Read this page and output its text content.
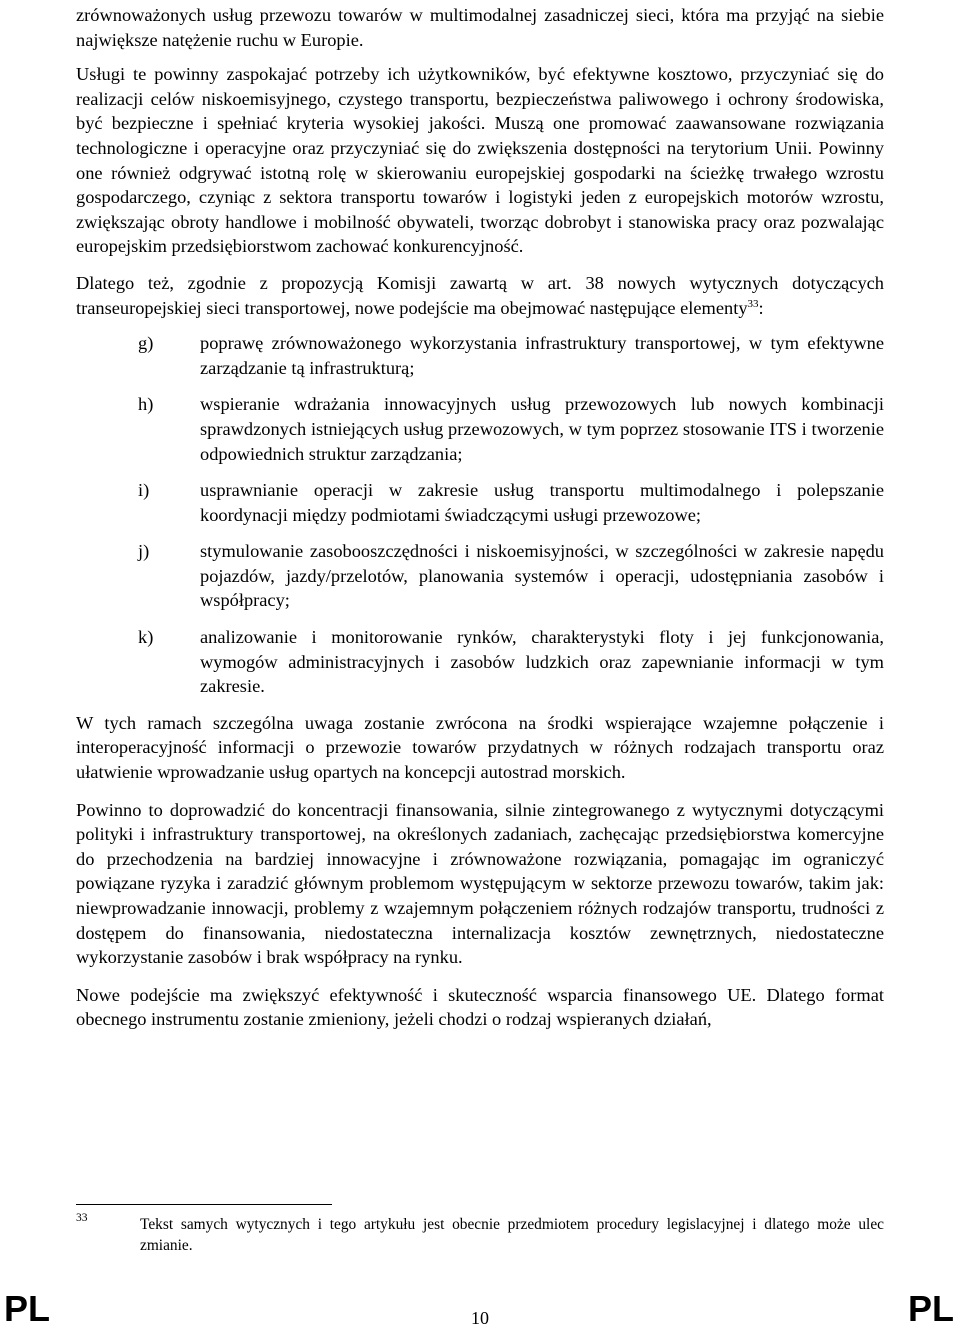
zrównoważonych usług przewozu towarów w multimodalnej zasadniczej sieci, która ma przyjąć na siebie największe natężenie ruchu w Europie.

Usługi te powinny zaspokajać potrzeby ich użytkowników, być efektywne kosztowo, przyczyniać się do realizacji celów niskoemisyjnego, czystego transportu, bezpieczeństwa paliwowego i ochrony środowiska, być bezpieczne i spełniać kryteria wysokiej jakości. Muszą one promować zaawansowane rozwiązania technologiczne i operacyjne oraz przyczyniać się do zwiększenia dostępności na terytorium Unii. Powinny one również odgrywać istotną rolę w skierowaniu europejskiej gospodarki na ścieżkę trwałego wzrostu gospodarczego, czyniąc z sektora transportu towarów i logistyki jeden z europejskich motorów wzrostu, zwiększając obroty handlowe i mobilność obywateli, tworząc dobrobyt i stanowiska pracy oraz pozwalając europejskim przedsiębiorstwom zachować konkurencyjność.

Dlatego też, zgodnie z propozycją Komisji zawartą w art. 38 nowych wytycznych dotyczących transeuropejskiej sieci transportowej, nowe podejście ma obejmować następujące elementy$^{33}$:

g)	poprawę zrównoważonego wykorzystania infrastruktury transportowej, w tym efektywne zarządzanie tą infrastrukturą;
h)	wspieranie wdrażania innowacyjnych usług przewozowych lub nowych kombinacji sprawdzonych istniejących usług przewozowych, w tym poprzez stosowanie ITS i tworzenie odpowiednich struktur zarządzania;
i)	usprawnianie operacji w zakresie usług transportu multimodalnego i polepszanie koordynacji między podmiotami świadczącymi usługi przewozowe;
j)	stymulowanie zasobooszczędności i niskoemisyjności, w szczególności w zakresie napędu pojazdów, jazdy/przelotów, planowania systemów i operacji, udostępniania zasobów i współpracy;
k)	analizowanie i monitorowanie rynków, charakterystyki floty i jej funkcjonowania, wymogów administracyjnych i zasobów ludzkich oraz zapewnianie informacji w tym zakresie.

W tych ramach szczególna uwaga zostanie zwrócona na środki wspierające wzajemne połączenie i interoperacyjność informacji o przewozie towarów przydatnych w różnych rodzajach transportu oraz ułatwienie wprowadzanie usług opartych na koncepcji autostrad morskich.

Powinno to doprowadzić do koncentracji finansowania, silnie zintegrowanego z wytycznymi dotyczącymi polityki i infrastruktury transportowej, na określonych zadaniach, zachęcając przedsiębiorstwa komercyjne do przechodzenia na bardziej innowacyjne i zrównoważone rozwiązania, pomagając im ograniczyć powiązane ryzyka i zaradzić głównym problemom występującym w sektorze przewozu towarów, takim jak: niewprowadzanie innowacji, problemy z wzajemnym połączeniem różnych rodzajów transportu, trudności z dostępem do finansowania, niedostateczna internalizacja kosztów zewnętrznych, niedostateczne wykorzystanie zasobów i brak współpracy na rynku.

Nowe podejście ma zwiększyć efektywność i skuteczność wsparcia finansowego UE. Dlatego format obecnego instrumentu zostanie zmieniony, jeżeli chodzi o rodzaj wspieranych działań,

33	Tekst samych wytycznych i tego artykułu jest obecnie przedmiotem procedury legislacyjnej i dlatego może ulec zmianie.
PL	10	PL
